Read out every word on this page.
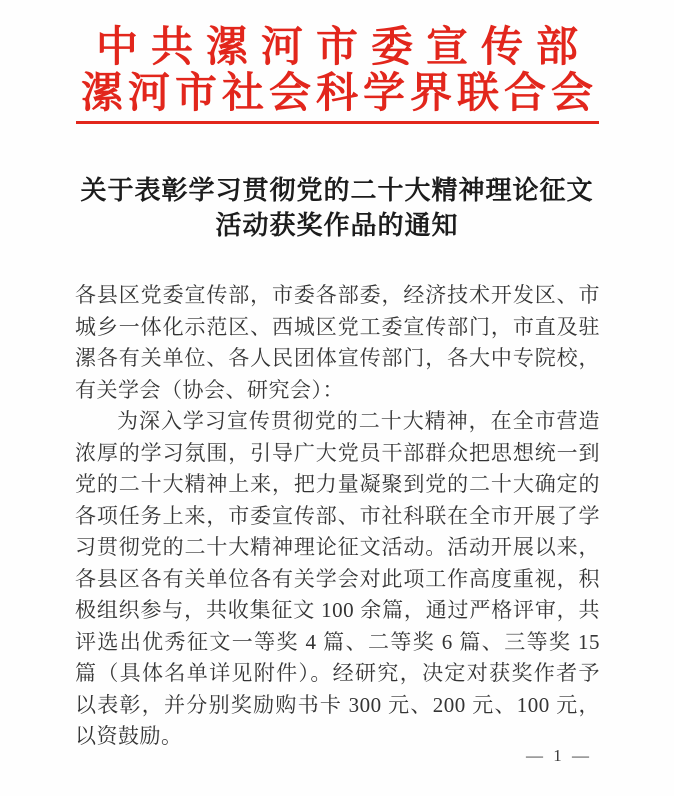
中共漯河市委宣传部
漯河市社会科学界联合会
关于表彰学习贯彻党的二十大精神理论征文
活动获奖作品的通知

各县区党委宣传部，市委各部委，经济技术开发区、市城乡一体化示范区、西城区党工委宣传部门，市直及驻漯各有关单位、各人民团体宣传部门，各大中专院校，有关学会（协会、研究会）：

为深入学习宣传贯彻党的二十大精神，在全市营造浓厚的学习氛围，引导广大党员干部群众把思想统一到党的二十大精神上来，把力量凝聚到党的二十大确定的各项任务上来，市委宣传部、市社科联在全市开展了学习贯彻党的二十大精神理论征文活动。活动开展以来，各县区各有关单位各有关学会对此项工作高度重视，积极组织参与，共收集征文 100 余篇，通过严格评审，共评选出优秀征文一等奖 4 篇、二等奖 6 篇、三等奖 15 篇（具体名单详见附件）。经研究，决定对获奖作者予以表彰，并分别奖励购书卡 300 元、200 元、100 元，以资鼓励。

— 1 —
